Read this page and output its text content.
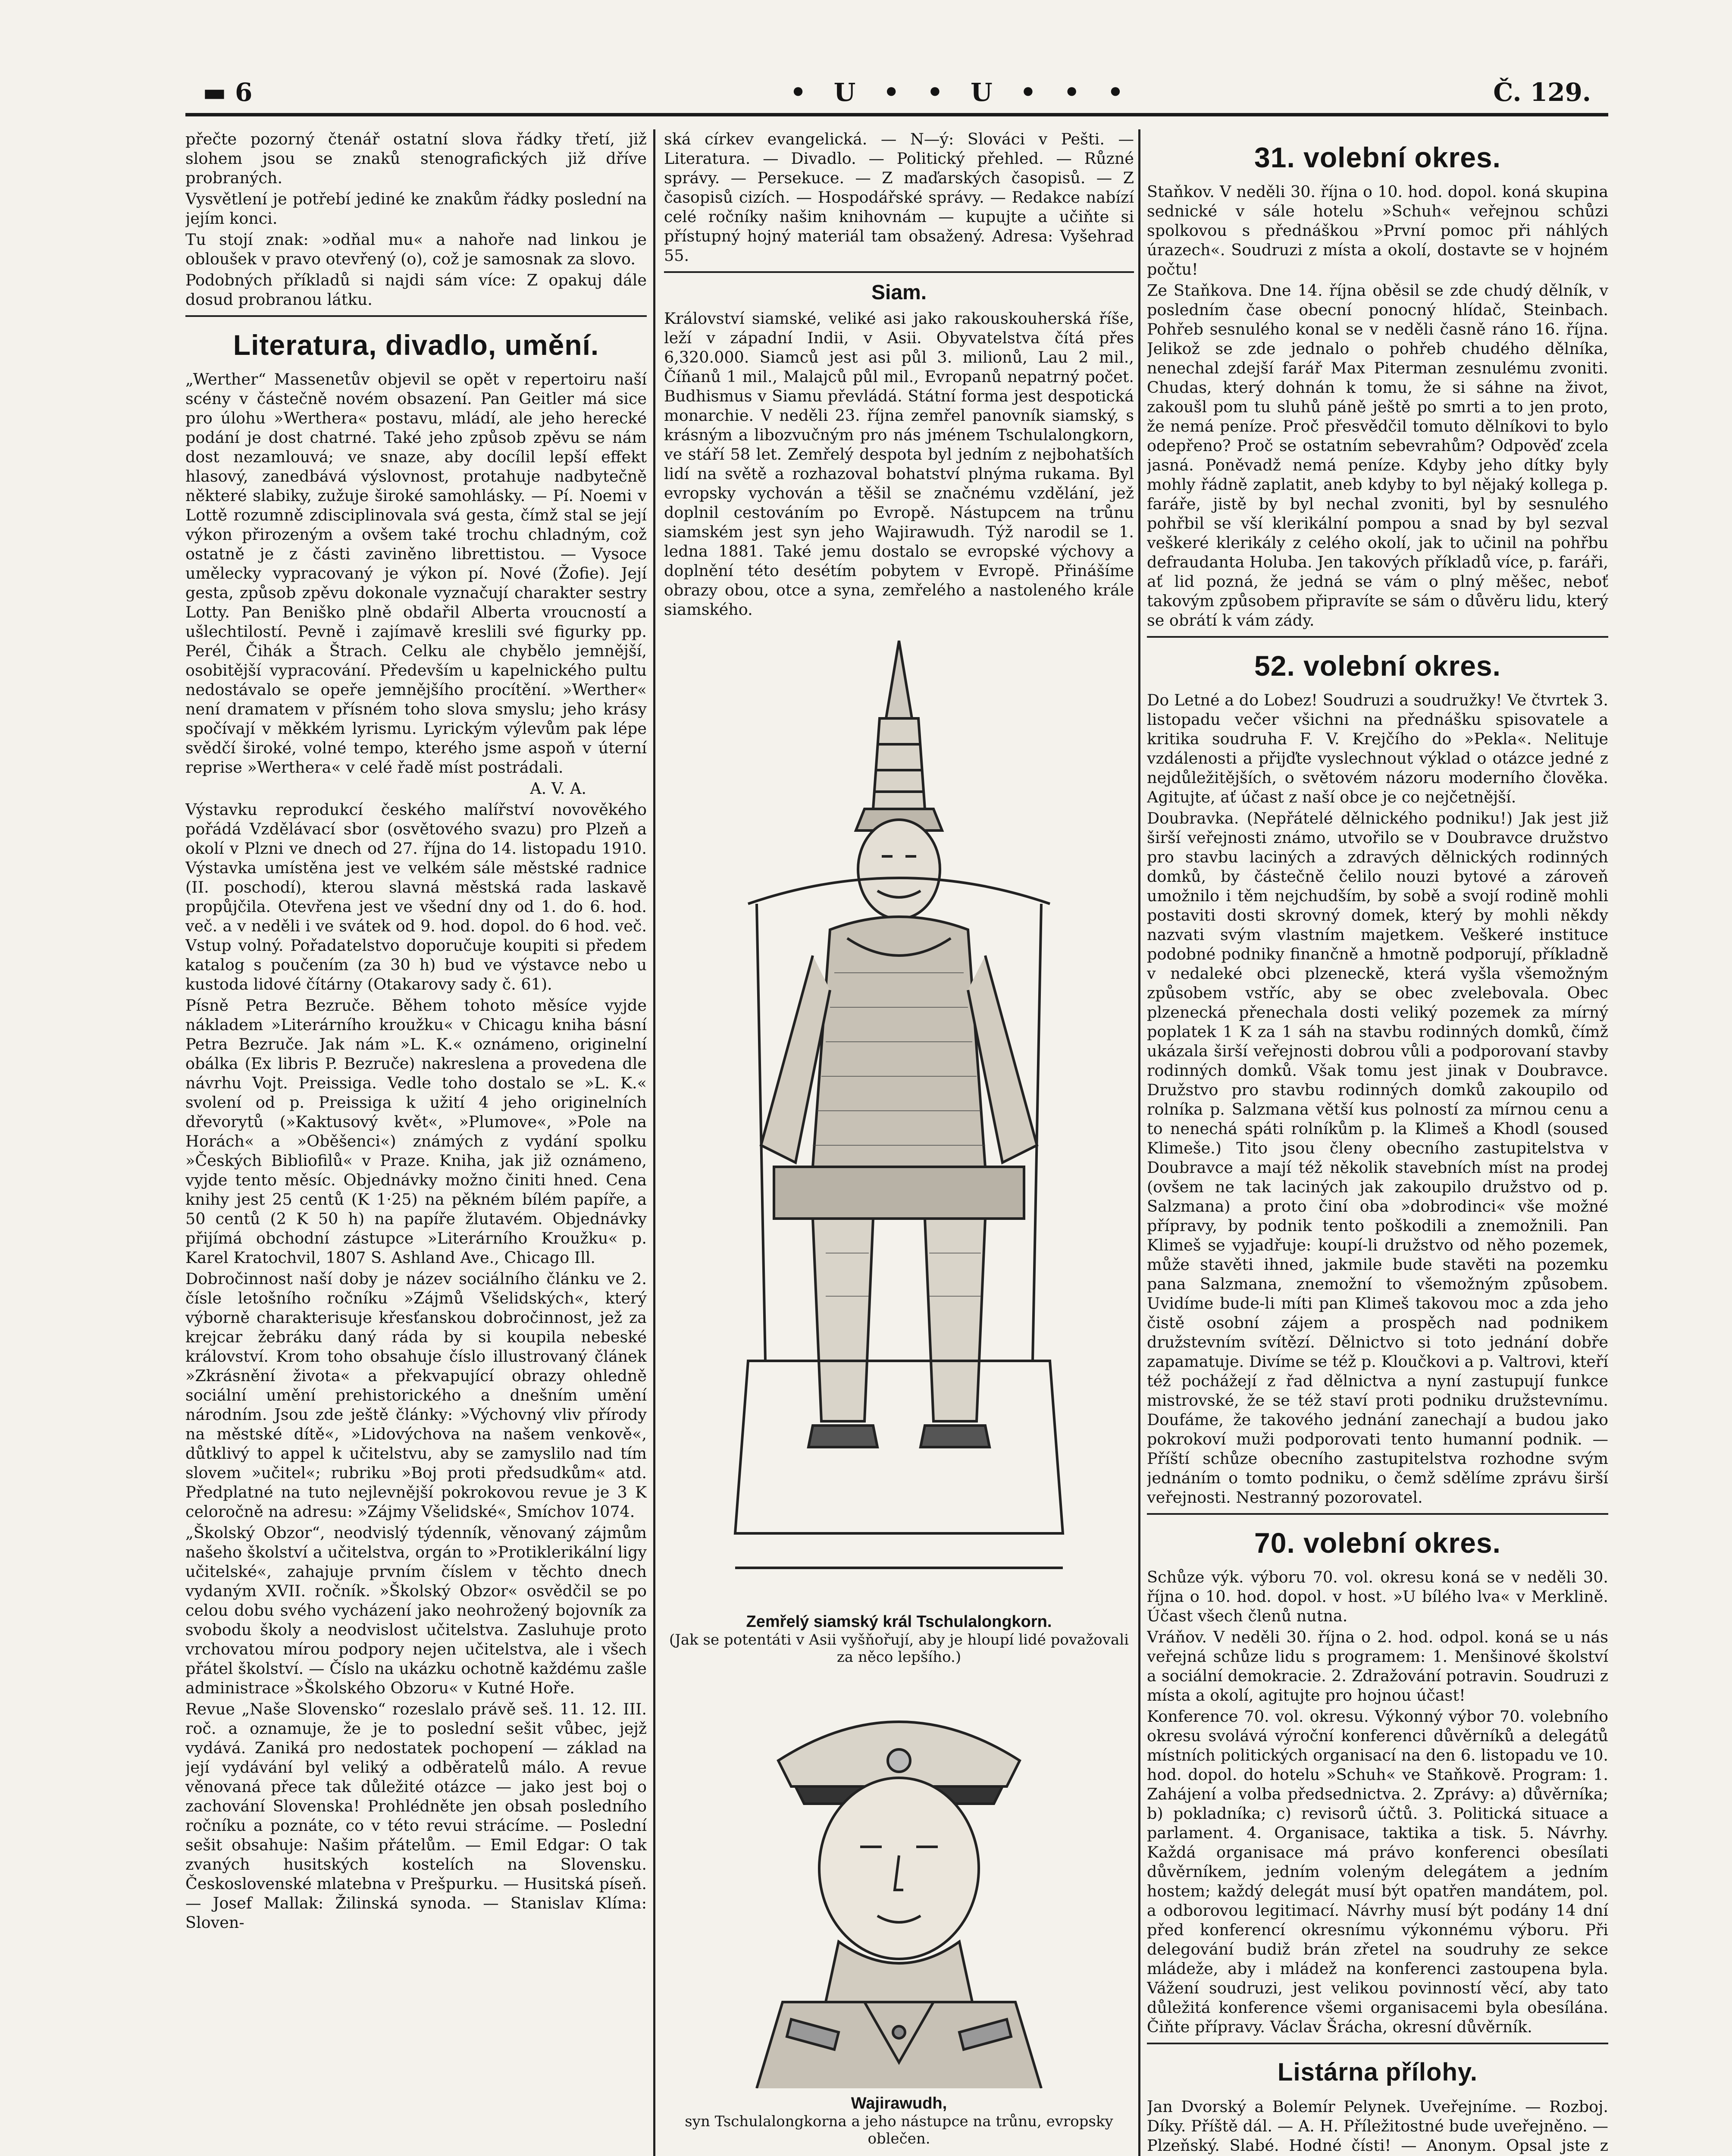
▬ 6	• U • • U • • •	Č. 129.

přečte pozorný čtenář ostatní slova řádky třetí, již slohem jsou se znaků stenografických již dříve probraných.

Vysvětlení je potřebí jediné ke znakům řádky poslední na jejím konci.

Tu stojí znak: »odňal mu« a nahoře nad linkou je obloušek v pravo otevřený (o), což je samosnak za slovo.

Podobných příkladů si najdi sám více: Z opakuj dále dosud probranou látku.

Literatura, divadlo, umění.

„Werther“ Massenetův objevil se opět v repertoiru naší scény v částečně novém obsazení. Pan Geitler má sice pro úlohu »Werthera« postavu, mládí, ale jeho herecké podání je dost chatrné. Také jeho způsob zpěvu se nám dost nezamlouvá; ve snaze, aby docílil lepší effekt hlasový, zanedbává výslovnost, protahuje nadbytečně některé slabiky, zužuje široké samohlásky. — Pí. Noemi v Lottě rozumně zdisciplinovala svá gesta, čímž stal se její výkon přirozeným a ovšem také trochu chladným, což ostatně je z části zaviněno librettistou. — Vysoce umělecky vypracovaný je výkon pí. Nové (Žofie). Její gesta, způsob zpěvu dokonale vyznačují charakter sestry Lotty. Pan Beniško plně obdařil Alberta vroucností a ušlechtilostí. Pevně i zajímavě kreslili své figurky pp. Perél, Čihák a Štrach. Celku ale chybělo jemnější, osobitější vypracování. Především u kapelnického pultu nedostávalo se opeře jemnějšího procítění. »Werther« není dramatem v přísném toho slova smyslu; jeho krásy spočívají v měkkém lyrismu. Lyrickým výlevům pak lépe svědčí široké, volné tempo, kterého jsme aspoň v úterní reprise »Werthera« v celé řadě míst postrádali.

A. V. A.

Výstavku reprodukcí českého malířství novověkého pořádá Vzdělávací sbor (osvětového svazu) pro Plzeň a okolí v Plzni ve dnech od 27. října do 14. listopadu 1910. Výstavka umístěna jest ve velkém sále městské radnice (II. poschodí), kterou slavná městská rada laskavě propůjčila. Otevřena jest ve všední dny od 1. do 6. hod. več. a v neděli i ve svátek od 9. hod. dopol. do 6 hod. več. Vstup volný. Pořadatelstvo doporučuje koupiti si předem katalog s poučením (za 30 h) bud ve výstavce nebo u kustoda lidové čítárny (Otakarovy sady č. 61).

Písně Petra Bezruče. Během tohoto měsíce vyjde nákladem »Literárního kroužku« v Chicagu kniha básní Petra Bezruče. Jak nám »L. K.« oznámeno, originelní obálka (Ex libris P. Bezruče) nakreslena a provedena dle návrhu Vojt. Preissiga. Vedle toho dostalo se »L. K.« svolení od p. Preissiga k užití 4 jeho originelních dřevorytů (»Kaktusový květ«, »Plumove«, »Pole na Horách« a »Oběšenci«) známých z vydání spolku »Českých Bibliofilů« v Praze. Kniha, jak již oznámeno, vyjde tento měsíc. Objednávky možno činiti hned. Cena knihy jest 25 centů (K 1·25) na pěkném bílém papíře, a 50 centů (2 K 50 h) na papíře žlutavém. Objednávky přijímá obchodní zástupce »Literárního Kroužku« p. Karel Kratochvil, 1807 S. Ashland Ave., Chicago Ill.

Dobročinnost naší doby je název sociálního článku ve 2. čísle letošního ročníku »Zájmů Všelidských«, který výborně charakterisuje křesťanskou dobročinnost, jež za krejcar žebráku daný ráda by si koupila nebeské království. Krom toho obsahuje číslo illustrovaný článek »Zkrásnění života« a překvapující obrazy ohledně sociální umění prehistorického a dnešním umění národním. Jsou zde ještě články: »Výchovný vliv přírody na městské dítě«, »Lidovýchova na našem venkově«, důtklivý to appel k učitelstvu, aby se zamyslilo nad tím slovem »učitel«; rubriku »Boj proti předsudkům« atd. Předplatné na tuto nejlevnější pokrokovou revue je 3 K celoročně na adresu: »Zájmy Všelidské«, Smíchov 1074.

„Školský Obzor“, neodvislý týdenník, věnovaný zájmům našeho školství a učitelstva, orgán to »Protiklerikální ligy učitelské«, zahajuje prvním číslem v těchto dnech vydaným XVII. ročník. »Školský Obzor« osvědčil se po celou dobu svého vycházení jako neohrožený bojovník za svobodu školy a neodvislost učitelstva. Zasluhuje proto vrchovatou mírou podpory nejen učitelstva, ale i všech přátel školství. — Číslo na ukázku ochotně každému zašle administrace »Školského Obzoru« v Kutné Hoře.

Revue „Naše Slovensko“ rozeslalo právě seš. 11. 12. III. roč. a oznamuje, že je to poslední sešit vůbec, jejž vydává. Zaniká pro nedostatek pochopení — základ na její vydávání byl veliký a odběratelů málo. A revue věnovaná přece tak důležité otázce — jako jest boj o zachování Slovenska! Prohlédněte jen obsah posledního ročníku a poznáte, co v této revui strácíme. — Poslední sešit obsahuje: Našim přátelům. — Emil Edgar: O tak zvaných husitských kostelích na Slovensku. Československé mlatebna v Prešpurku. — Husitská píseň. — Josef Mallak: Žilinská synoda. — Stanislav Klíma: Sloven-

ská církev evangelická. — N—ý: Slováci v Pešti. — Literatura. — Divadlo. — Politický přehled. — Různé správy. — Persekuce. — Z maďarských časopisů. — Z časopisů cizích. — Hospodářské správy. — Redakce nabízí celé ročníky našim knihovnám — kupujte a učiňte si přístupný hojný materiál tam obsažený. Adresa: Vyšehrad 55.

Siam.

Království siamské, veliké asi jako rakouskouherská říše, leží v západní Indii, v Asii. Obyvatelstva čítá přes 6,320.000. Siamců jest asi půl 3. milionů, Lau 2 mil., Číňanů 1 mil., Malajců půl mil., Evropanů nepatrný počet. Budhismus v Siamu převládá. Státní forma jest despotická monarchie. V neděli 23. října zemřel panovník siamský, s krásným a libozvučným pro nás jménem Tschulalongkorn, ve stáří 58 let. Zemřelý despota byl jedním z nejbohatších lidí na světě a rozhazoval bohatství plnýma rukama. Byl evropsky vychován a těšil se značnému vzdělání, jež doplnil cestováním po Evropě. Nástupcem na trůnu siamském jest syn jeho Wajirawudh. Týž narodil se 1. ledna 1881. Také jemu dostalo se evropské výchovy a doplnění této desétím pobytem v Evropě. Přinášíme obrazy obou, otce a syna, zemřelého a nastoleného krále siamského.

Zemřelý siamský král Tschulalongkorn.
(Jak se potentáti v Asii vyšňořují, aby je hloupí lidé považovali za něco lepšího.)
Wajirawudh,
syn Tschulalongkorna a jeho nástupce na trůnu, evropsky oblečen.
31. volební okres.

Staňkov. V neděli 30. října o 10. hod. dopol. koná skupina sednické v sále hotelu »Schuh« veřejnou schůzi spolkovou s přednáškou »První pomoc při náhlých úrazech«. Soudruzi z místa a okolí, dostavte se v hojném počtu!

Ze Staňkova. Dne 14. října oběsil se zde chudý dělník, v posledním čase obecní ponocný hlídač, Steinbach. Pohřeb sesnulého konal se v neděli časně ráno 16. října. Jelikož se zde jednalo o pohřeb chudého dělníka, nenechal zdejší farář Max Piterman zesnulému zvoniti. Chudas, který dohnán k tomu, že si sáhne na život, zakoušl pom tu sluhů páně ještě po smrti a to jen proto, že nemá peníze. Proč přesvědčil tomuto dělníkovi to bylo odepřeno? Proč se ostatním sebevrahům? Odpověď zcela jasná. Poněvadž nemá peníze. Kdyby jeho dítky byly mohly řádně zaplatit, aneb kdyby to byl nějaký kollega p. faráře, jistě by byl nechal zvoniti, byl by sesnulého pohřbil se vší klerikální pompou a snad by byl sezval veškeré klerikály z celého okolí, jak to učinil na pohřbu defraudanta Holuba. Jen takových příkladů více, p. faráři, ať lid pozná, že jedná se vám o plný měšec, neboť takovým způsobem připravíte se sám o důvěru lidu, který se obrátí k vám zády.

52. volební okres.

Do Letné a do Lobez! Soudruzi a soudružky! Ve čtvrtek 3. listopadu večer všichni na přednášku spisovatele a kritika soudruha F. V. Krejčího do »Pekla«. Nelituje vzdálenosti a přijďte vyslechnout výklad o otázce jedné z nejdůležitějších, o světovém názoru moderního člověka. Agitujte, ať účast z naší obce je co nejčetnější.

Doubravka. (Nepřátelé dělnického podniku!) Jak jest již širší veřejnosti známo, utvořilo se v Doubravce družstvo pro stavbu laciných a zdravých dělnických rodinných domků, by částečně čelilo nouzi bytové a zároveň umožnilo i těm nejchudším, by sobě a svojí rodině mohli postaviti dosti skrovný domek, který by mohli někdy nazvati svým vlastním majetkem. Veškeré instituce podobné podniky finančně a hmotně podporují, příkladně v nedaleké obci plzeneckě, která vyšla všemožným způsobem vstříc, aby se obec zvelebovala. Obec plzenecká přenechala dosti veliký pozemek za mírný poplatek 1 K za 1 sáh na stavbu rodinných domků, čímž ukázala širší veřejnosti dobrou vůli a podporovaní stavby rodinných domků. Však tomu jest jinak v Doubravce. Družstvo pro stavbu rodinných domků zakoupilo od rolníka p. Salzmana větší kus polností za mírnou cenu a to nenechá spáti rolníkům p. la Klimeš a Khodl (soused Klimeše.) Tito jsou členy obecního zastupitelstva v Doubravce a mají též několik stavebních míst na prodej (ovšem ne tak laciných jak zakoupilo družstvo od p. Salzmana) a proto činí oba »dobrodinci« vše možné přípravy, by podnik tento poškodili a znemožnili. Pan Klimeš se vyjadřuje: koupí-li družstvo od něho pozemek, může stavěti ihned, jakmile bude stavěti na pozemku pana Salzmana, znemožní to všemožným způsobem. Uvidíme bude-li míti pan Klimeš takovou moc a zda jeho čistě osobní zájem a prospěch nad podnikem družstevním svítězí. Dělnictvo si toto jednání dobře zapamatuje. Divíme se též p. Kloučkovi a p. Valtrovi, kteří též pochážejí z řad dělnictva a nyní zastupují funkce mistrovské, že se též staví proti podniku družstevnímu. Doufáme, že takového jednání zanechají a budou jako pokrokoví muži podporovati tento humanní podnik. — Příští schůze obecního zastupitelstva rozhodne svým jednáním o tomto podniku, o čemž sdělíme zprávu širší veřejnosti. Nestranný pozorovatel.

70. volební okres.

Schůze výk. výboru 70. vol. okresu koná se v neděli 30. října o 10. hod. dopol. v host. »U bílého lva« v Merklině. Účast všech členů nutna.

Vráňov. V neděli 30. října o 2. hod. odpol. koná se u nás veřejná schůze lidu s programem: 1. Menšinové školství a sociální demokracie. 2. Zdražování potravin. Soudruzi z místa a okolí, agitujte pro hojnou účast!

Konference 70. vol. okresu. Výkonný výbor 70. volebního okresu svolává výroční konferenci důvěrníků a delegátů místních politických organisací na den 6. listopadu ve 10. hod. dopol. do hotelu »Schuh« ve Staňkově. Program: 1. Zahájení a volba předsednictva. 2. Zprávy: a) důvěrníka; b) pokladníka; c) revisorů účtů. 3. Politická situace a parlament. 4. Organisace, taktika a tisk. 5. Návrhy. Každá organisace má právo konferenci obesílati důvěrníkem, jedním voleným delegátem a jedním hostem; každý delegát musí být opatřen mandátem, pol. a odborovou legitimací. Návrhy musí být podány 14 dní před konferencí okresnímu výkonnému výboru. Při delegování budiž brán zřetel na soudruhy ze sekce mládeže, aby i mládež na konferenci zastoupena byla. Vážení soudruzi, jest velikou povinností věcí, aby tato důležitá konference všemi organisacemi byla obesílána. Čiňte přípravy. Václav Šrácha, okresní důvěrník.

Listárna přílohy.

Jan Dvorský a Bolemír Pelynek. Uveřejníme. — Rozboj. Díky. Příště dál. — A. H. Příležitostné bude uveřejněno. — Plzeňský. Slabé. Hodné čísti! — Anonym. Opsal jste z
